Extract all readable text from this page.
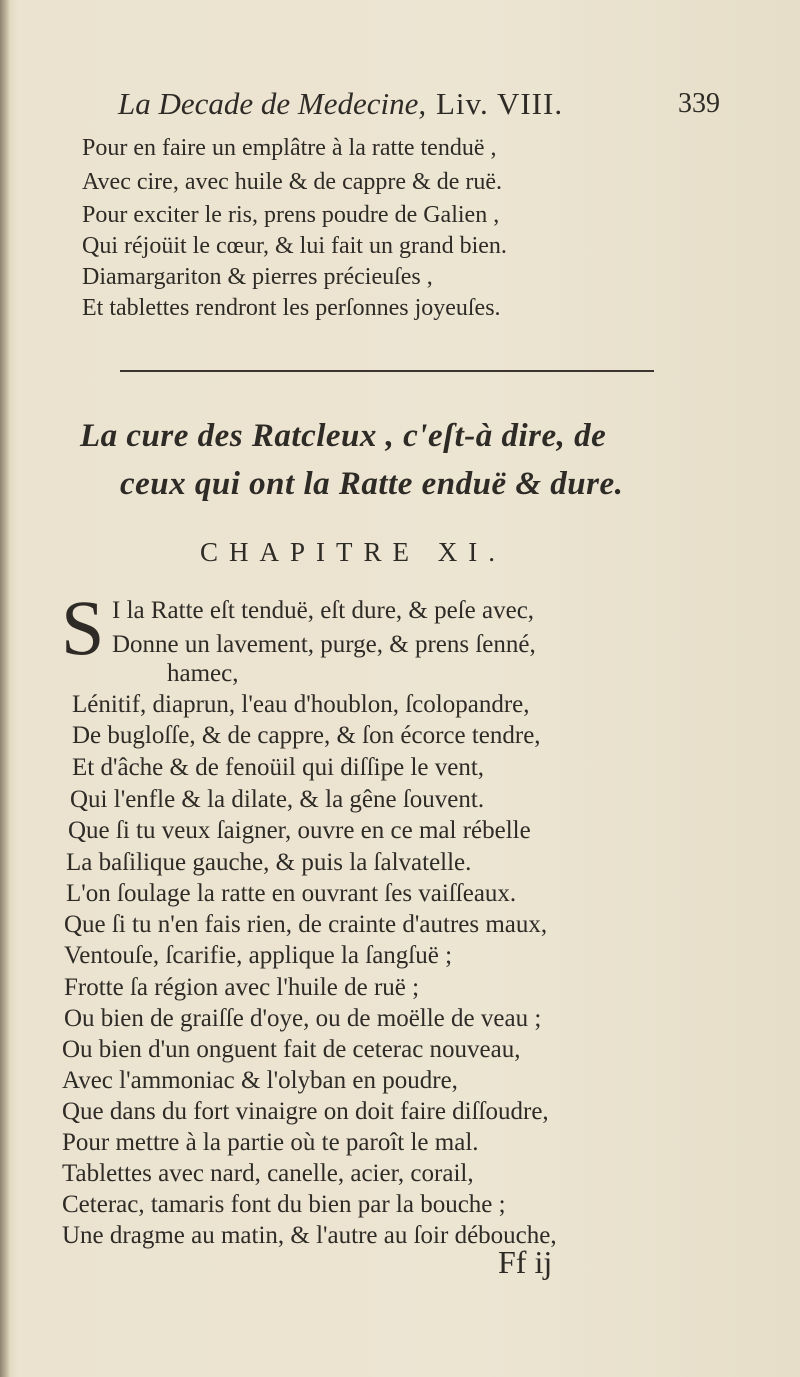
La Decade de Medecine, Liv. VIII.	339
Pour en faire un emplâtre à la ratte tenduë ,
Avec cire, avec huile & de cappre & de ruë.
Pour exciter le ris, prens poudre de Galien ,
Qui réjoüit le cœur, & lui fait un grand bien.
Diamargariton & pierres précieuſes ,
Et tablettes rendront les perſonnes joyeuſes.
La cure des Ratcleux , c'eſt-à dire, de
ceux qui ont la Ratte enduë & dure.
CHAPITRE XI.
S I la Ratte eſt tenduë, eſt dure, & peſe avec,
Donne un lavement, purge, & prens ſenné,
hamec,
Lénitif, diaprun, l'eau d'houblon, ſcolopandre,
De bugloſſe, & de cappre, & ſon écorce tendre,
Et d'âche & de fenoüil qui diſſipe le vent,
Qui l'enfle & la dilate, & la gêne ſouvent.
Que ſi tu veux ſaigner, ouvre en ce mal rébelle
La baſilique gauche, & puis la ſalvatelle.
L'on ſoulage la ratte en ouvrant ſes vaiſſeaux.
Que ſi tu n'en fais rien, de crainte d'autres maux,
Ventouſe, ſcarifie, applique la ſangſuë ;
Frotte ſa région avec l'huile de ruë ;
Ou bien de graiſſe d'oye, ou de moëlle de veau ;
Ou bien d'un onguent fait de ceterac nouveau,
Avec l'ammoniac & l'olyban en poudre,
Que dans du fort vinaigre on doit faire diſſoudre,
Pour mettre à la partie où te paroît le mal.
Tablettes avec nard, canelle, acier, corail,
Ceterac, tamaris font du bien par la bouche ;
Une dragme au matin, & l'autre au ſoir débouche,
Ff ij
